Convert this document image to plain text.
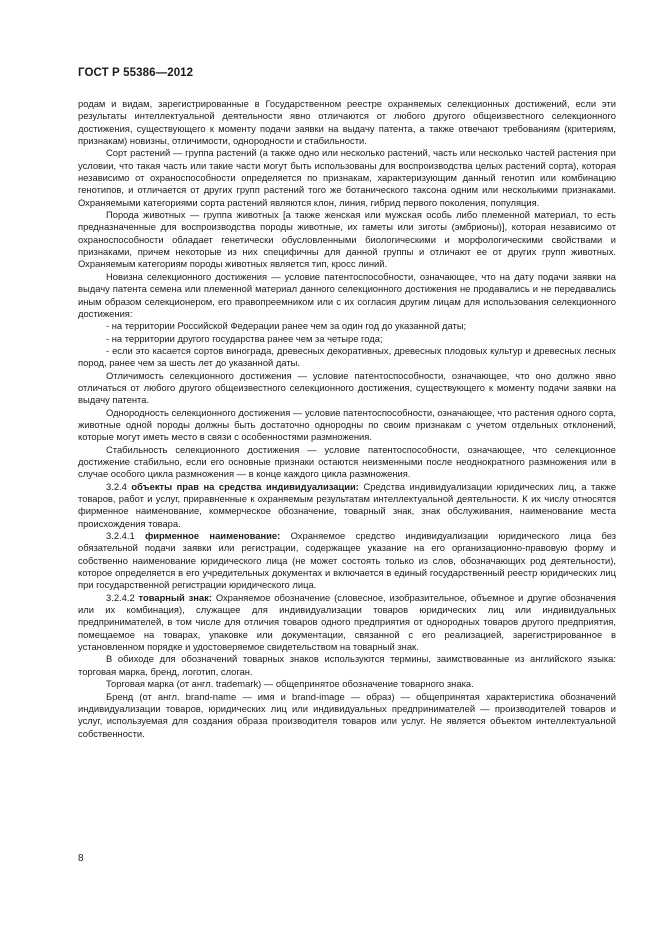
ГОСТ Р 55386—2012

родам и видам, зарегистрированные в Государственном реестре охраняемых селекционных достижений, если эти результаты интеллектуальной деятельности явно отличаются от любого другого общеизвестного селекционного достижения, существующего к моменту подачи заявки на выдачу патента, а также отвечают требованиям (критериям, признакам) новизны, отличимости, однородности и стабильности.

Сорт растений — группа растений (а также одно или несколько растений, часть или несколько частей растения при условии, что такая часть или такие части могут быть использованы для воспроизводства целых растений сорта), которая независимо от охраноспособности определяется по признакам, характеризующим данный генотип или комбинацию генотипов, и отличается от других групп растений того же ботанического таксона одним или несколькими признаками. Охраняемыми категориями сорта растений являются клон, линия, гибрид первого поколения, популяция.

Порода животных — группа животных [а также женская или мужская особь либо племенной материал, то есть предназначенные для воспроизводства породы животные, их гаметы или зиготы (эмбрионы)], которая независимо от охраноспособности обладает генетически обусловленными биологическими и морфологическими свойствами и признаками, причем некоторые из них специфичны для данной группы и отличают ее от других групп животных. Охраняемым категориям породы животных является тип, кросс линий.

Новизна селекционного достижения — условие патентоспособности, означающее, что на дату подачи заявки на выдачу патента семена или племенной материал данного селекционного достижения не продавались и не передавались иным образом селекционером, его правопреемником или с их согласия другим лицам для использования селекционного достижения:

- на территории Российской Федерации ранее чем за один год до указанной даты;

- на территории другого государства ранее чем за четыре года;

- если это касается сортов винограда, древесных декоративных, древесных плодовых культур и древесных лесных пород, ранее чем за шесть лет до указанной даты.

Отличимость селекционного достижения — условие патентоспособности, означающее, что оно должно явно отличаться от любого другого общеизвестного селекционного достижения, существующего к моменту подачи заявки на выдачу патента.

Однородность селекционного достижения — условие патентоспособности, означающее, что растения одного сорта, животные одной породы должны быть достаточно однородны по своим признакам с учетом отдельных отклонений, которые могут иметь место в связи с особенностями размножения.

Стабильность селекционного достижения — условие патентоспособности, означающее, что селекционное достижение стабильно, если его основные признаки остаются неизменными после неоднократного размножения или в случае особого цикла размножения — в конце каждого цикла размножения.

3.2.4 объекты прав на средства индивидуализации: Средства индивидуализации юридических лиц, а также товаров, работ и услуг, приравненные к охраняемым результатам интеллектуальной деятельности. К их числу относятся фирменное наименование, коммерческое обозначение, товарный знак, знак обслуживания, наименование места происхождения товара.

3.2.4.1 фирменное наименование: Охраняемое средство индивидуализации юридического лица без обязательной подачи заявки или регистрации, содержащее указание на его организационно-правовую форму и собственно наименование юридического лица (не может состоять только из слов, обозначающих род деятельности), которое определяется в его учредительных документах и включается в единый государственный реестр юридических лиц при государственной регистрации юридического лица.

3.2.4.2 товарный знак: Охраняемое обозначение (словесное, изобразительное, объемное и другие обозначения или их комбинация), служащее для индивидуализации товаров юридических лиц или индивидуальных предпринимателей, в том числе для отличия товаров одного предприятия от однородных товаров другого предприятия, помещаемое на товарах, упаковке или документации, связанной с его реализацией, зарегистрированное в установленном порядке и удостоверяемое свидетельством на товарный знак.

В обиходе для обозначений товарных знаков используются термины, заимствованные из английского языка: торговая марка, бренд, логотип, слоган.

Торговая марка (от англ. trademark) — общепринятое обозначение товарного знака.

Бренд (от англ. brand-name — имя и brand-image — образ) — общепринятая характеристика обозначений индивидуализации товаров, юридических лиц или индивидуальных предпринимателей — производителей товаров и услуг, используемая для создания образа производителя товаров или услуг. Не является объектом интеллектуальной собственности.

8
